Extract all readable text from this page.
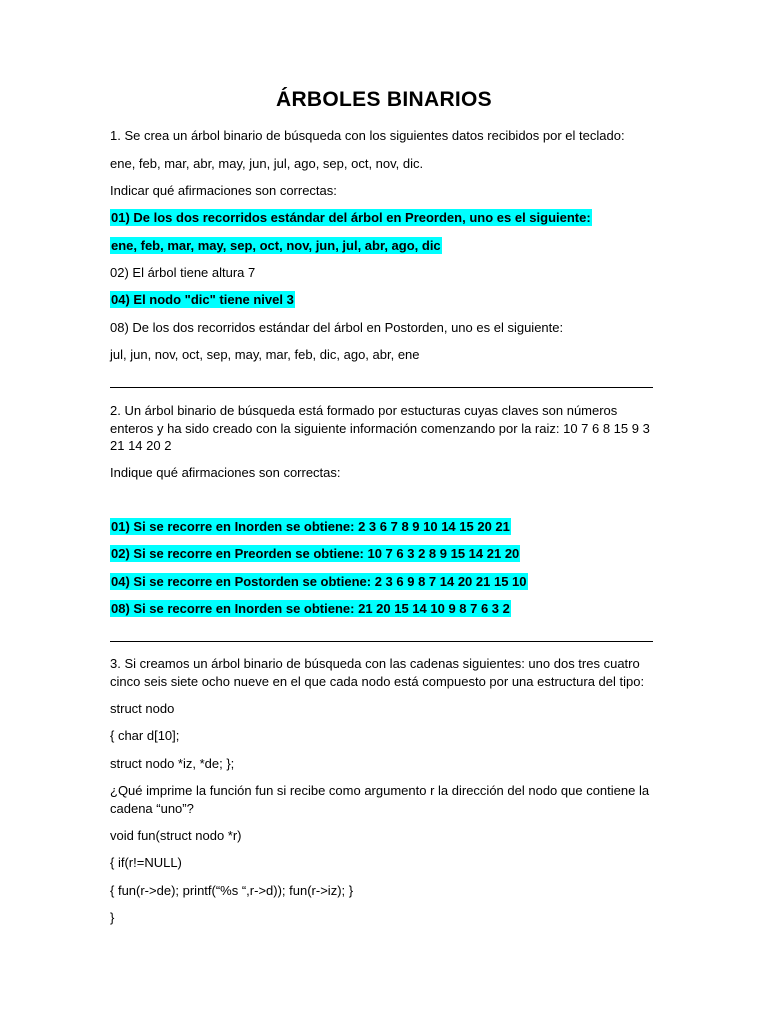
ÁRBOLES BINARIOS
1. Se crea un árbol binario de búsqueda con los siguientes datos recibidos por el teclado:
ene, feb, mar, abr, may, jun, jul, ago, sep, oct, nov, dic.
Indicar qué afirmaciones son correctas:
01) De los dos recorridos estándar del árbol en Preorden, uno es el siguiente:
ene, feb, mar, may, sep, oct, nov, jun, jul, abr, ago, dic
02) El árbol tiene altura 7
04) El nodo "dic" tiene nivel 3
08) De los dos recorridos estándar del árbol en Postorden, uno es el siguiente:
jul, jun, nov, oct, sep, may, mar, feb, dic, ago, abr, ene
2. Un árbol binario de búsqueda está formado por estucturas cuyas claves son números
enteros y ha sido creado con la siguiente información comenzando por la raiz: 10 7 6 8 15 9 3
21 14 20 2
Indique qué afirmaciones son correctas:
01) Si se recorre en Inorden se obtiene: 2 3 6 7 8 9 10 14 15 20 21
02) Si se recorre en Preorden se obtiene: 10 7 6 3 2 8 9 15 14 21 20
04) Si se recorre en Postorden se obtiene: 2 3 6 9 8 7 14 20 21 15 10
08) Si se recorre en Inorden se obtiene: 21 20 15 14 10 9 8 7 6 3 2
3. Si creamos un árbol binario de búsqueda con las cadenas siguientes: uno dos tres cuatro
cinco seis siete ocho nueve en el que cada nodo está compuesto por una estructura del tipo:
struct nodo
{ char d[10];
struct nodo *iz, *de; };
¿Qué imprime la función fun si recibe como argumento r la dirección del nodo que contiene la
cadena “uno”?
void fun(struct nodo *r)
{ if(r!=NULL)
{ fun(r->de); printf(“%s “,r->d)); fun(r->iz); }
}
